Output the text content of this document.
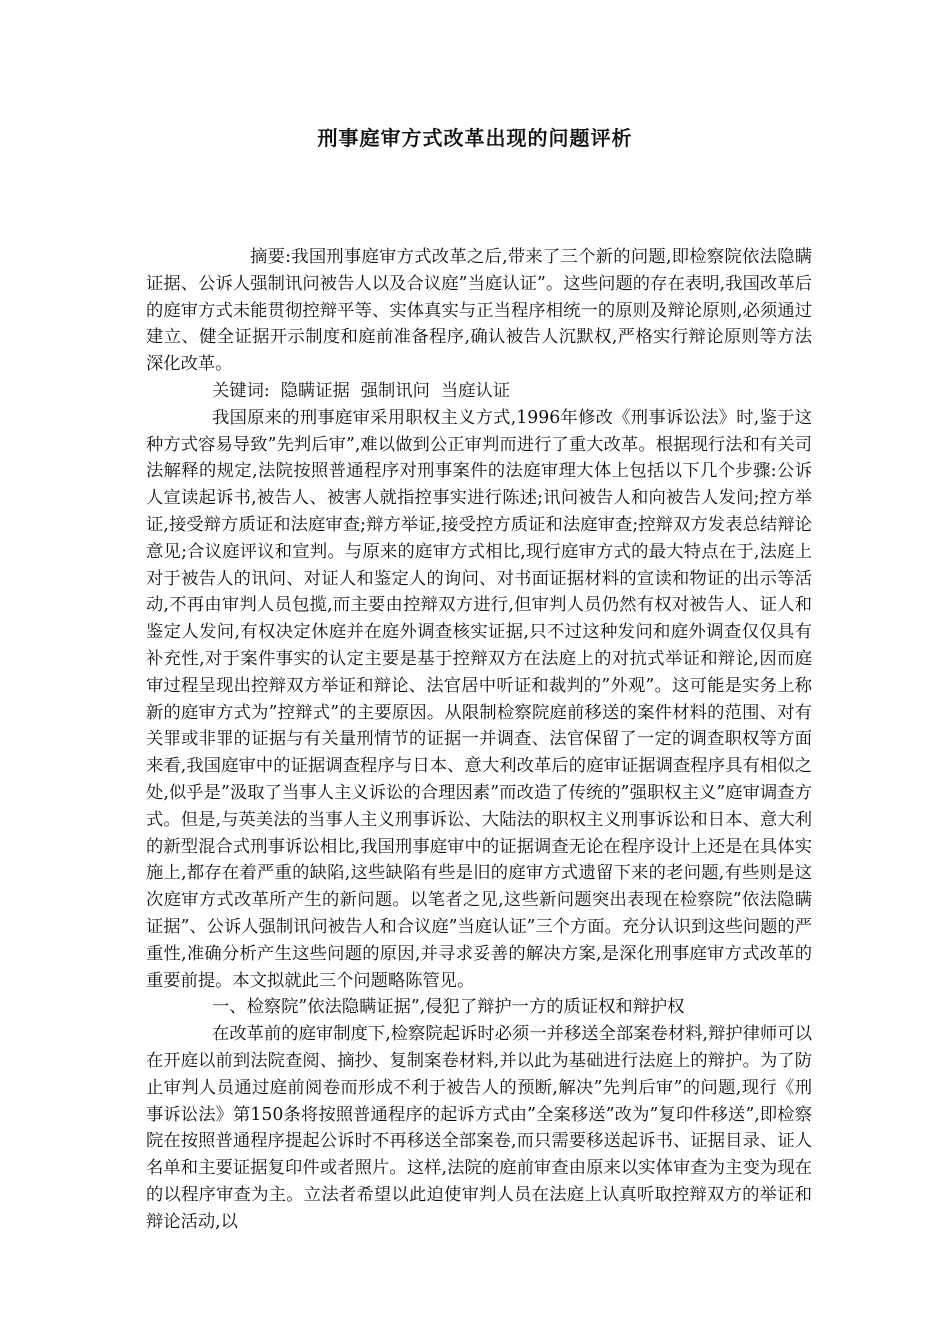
刑事庭审方式改革出现的问题评析

摘要:我国刑事庭审方式改革之后,带来了三个新的问题,即检察院依法隐瞒证据、公诉人强制讯问被告人以及合议庭”当庭认证”。这些问题的存在表明,我国改革后的庭审方式未能贯彻控辩平等、实体真实与正当程序相统一的原则及辩论原则,必须通过建立、健全证据开示制度和庭前准备程序,确认被告人沉默权,严格实行辩论原则等方法深化改革。

关键词:  隐瞒证据  强制讯问  当庭认证

我国原来的刑事庭审采用职权主义方式,1996年修改《刑事诉讼法》时,鉴于这种方式容易导致”先判后审”,难以做到公正审判而进行了重大改革。根据现行法和有关司法解释的规定,法院按照普通程序对刑事案件的法庭审理大体上包括以下几个步骤:公诉人宣读起诉书,被告人、被害人就指控事实进行陈述;讯问被告人和向被告人发问;控方举证,接受辩方质证和法庭审查;辩方举证,接受控方质证和法庭审查;控辩双方发表总结辩论意见;合议庭评议和宣判。与原来的庭审方式相比,现行庭审方式的最大特点在于,法庭上对于被告人的讯问、对证人和鉴定人的询问、对书面证据材料的宣读和物证的出示等活动,不再由审判人员包揽,而主要由控辩双方进行,但审判人员仍然有权对被告人、证人和鉴定人发问,有权决定休庭并在庭外调查核实证据,只不过这种发问和庭外调查仅仅具有补充性,对于案件事实的认定主要是基于控辩双方在法庭上的对抗式举证和辩论,因而庭审过程呈现出控辩双方举证和辩论、法官居中听证和裁判的”外观”。这可能是实务上称新的庭审方式为”控辩式”的主要原因。从限制检察院庭前移送的案件材料的范围、对有关罪或非罪的证据与有关量刑情节的证据一并调查、法官保留了一定的调查职权等方面来看,我国庭审中的证据调查程序与日本、意大利改革后的庭审证据调查程序具有相似之处,似乎是”汲取了当事人主义诉讼的合理因素”而改造了传统的”强职权主义”庭审调查方式。但是,与英美法的当事人主义刑事诉讼、大陆法的职权主义刑事诉讼和日本、意大利的新型混合式刑事诉讼相比,我国刑事庭审中的证据调查无论在程序设计上还是在具体实施上,都存在着严重的缺陷,这些缺陷有些是旧的庭审方式遗留下来的老问题,有些则是这次庭审方式改革所产生的新问题。以笔者之见,这些新问题突出表现在检察院”依法隐瞒证据”、公诉人强制讯问被告人和合议庭”当庭认证”三个方面。充分认识到这些问题的严重性,准确分析产生这些问题的原因,并寻求妥善的解决方案,是深化刑事庭审方式改革的重要前提。本文拟就此三个问题略陈管见。

一、检察院”依法隐瞒证据”,侵犯了辩护一方的质证权和辩护权

在改革前的庭审制度下,检察院起诉时必须一并移送全部案卷材料,辩护律师可以在开庭以前到法院查阅、摘抄、复制案卷材料,并以此为基础进行法庭上的辩护。为了防止审判人员通过庭前阅卷而形成不利于被告人的预断,解决”先判后审”的问题,现行《刑事诉讼法》第150条将按照普通程序的起诉方式由”全案移送”改为”复印件移送”,即检察院在按照普通程序提起公诉时不再移送全部案卷,而只需要移送起诉书、证据目录、证人名单和主要证据复印件或者照片。这样,法院的庭前审查由原来以实体审查为主变为现在的以程序审查为主。立法者希望以此迫使审判人员在法庭上认真听取控辩双方的举证和辩论活动,以
